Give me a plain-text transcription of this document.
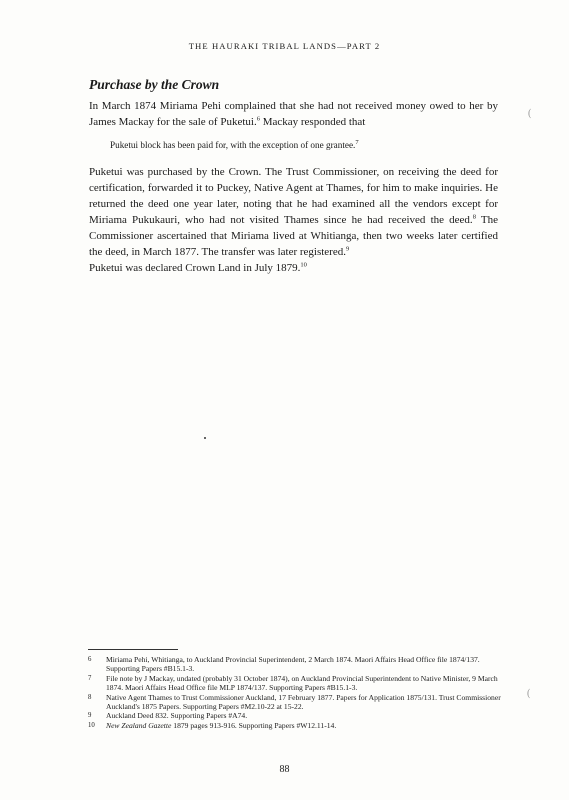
THE HAURAKI TRIBAL LANDS—PART 2
Purchase by the Crown

In March 1874 Miriama Pehi complained that she had not received money owed to her by James Mackay for the sale of Puketui.$^6$ Mackay responded that

Puketui block has been paid for, with the exception of one grantee.$^7$

Puketui was purchased by the Crown. The Trust Commissioner, on receiving the deed for certification, forwarded it to Puckey, Native Agent at Thames, for him to make inquiries. He returned the deed one year later, noting that he had examined all the vendors except for Miriama Pukukauri, who had not visited Thames since he had received the deed.$^8$ The Commissioner ascertained that Miriama lived at Whitianga, then two weeks later certified the deed, in March 1877. The transfer was later registered.$^9$

Puketui was declared Crown Land in July 1879.10

(
(
6	Miriama Pehi, Whitianga, to Auckland Provincial Superintendent, 2 March 1874. Maori Affairs Head Office file 1874/137. Supporting Papers #B15.1-3.
7	File note by J Mackay, undated (probably 31 October 1874), on Auckland Provincial Superintendent to Native Minister, 9 March 1874. Maori Affairs Head Office file MLP 1874/137. Supporting Papers #B15.1-3.
8	Native Agent Thames to Trust Commissioner Auckland, 17 February 1877. Papers for Application 1875/131. Trust Commissioner Auckland's 1875 Papers. Supporting Papers #M2.10-22 at 15-22.
9	Auckland Deed 832. Supporting Papers #A74.
10	New Zealand Gazette 1879 pages 913-916. Supporting Papers #W12.11-14.
88
